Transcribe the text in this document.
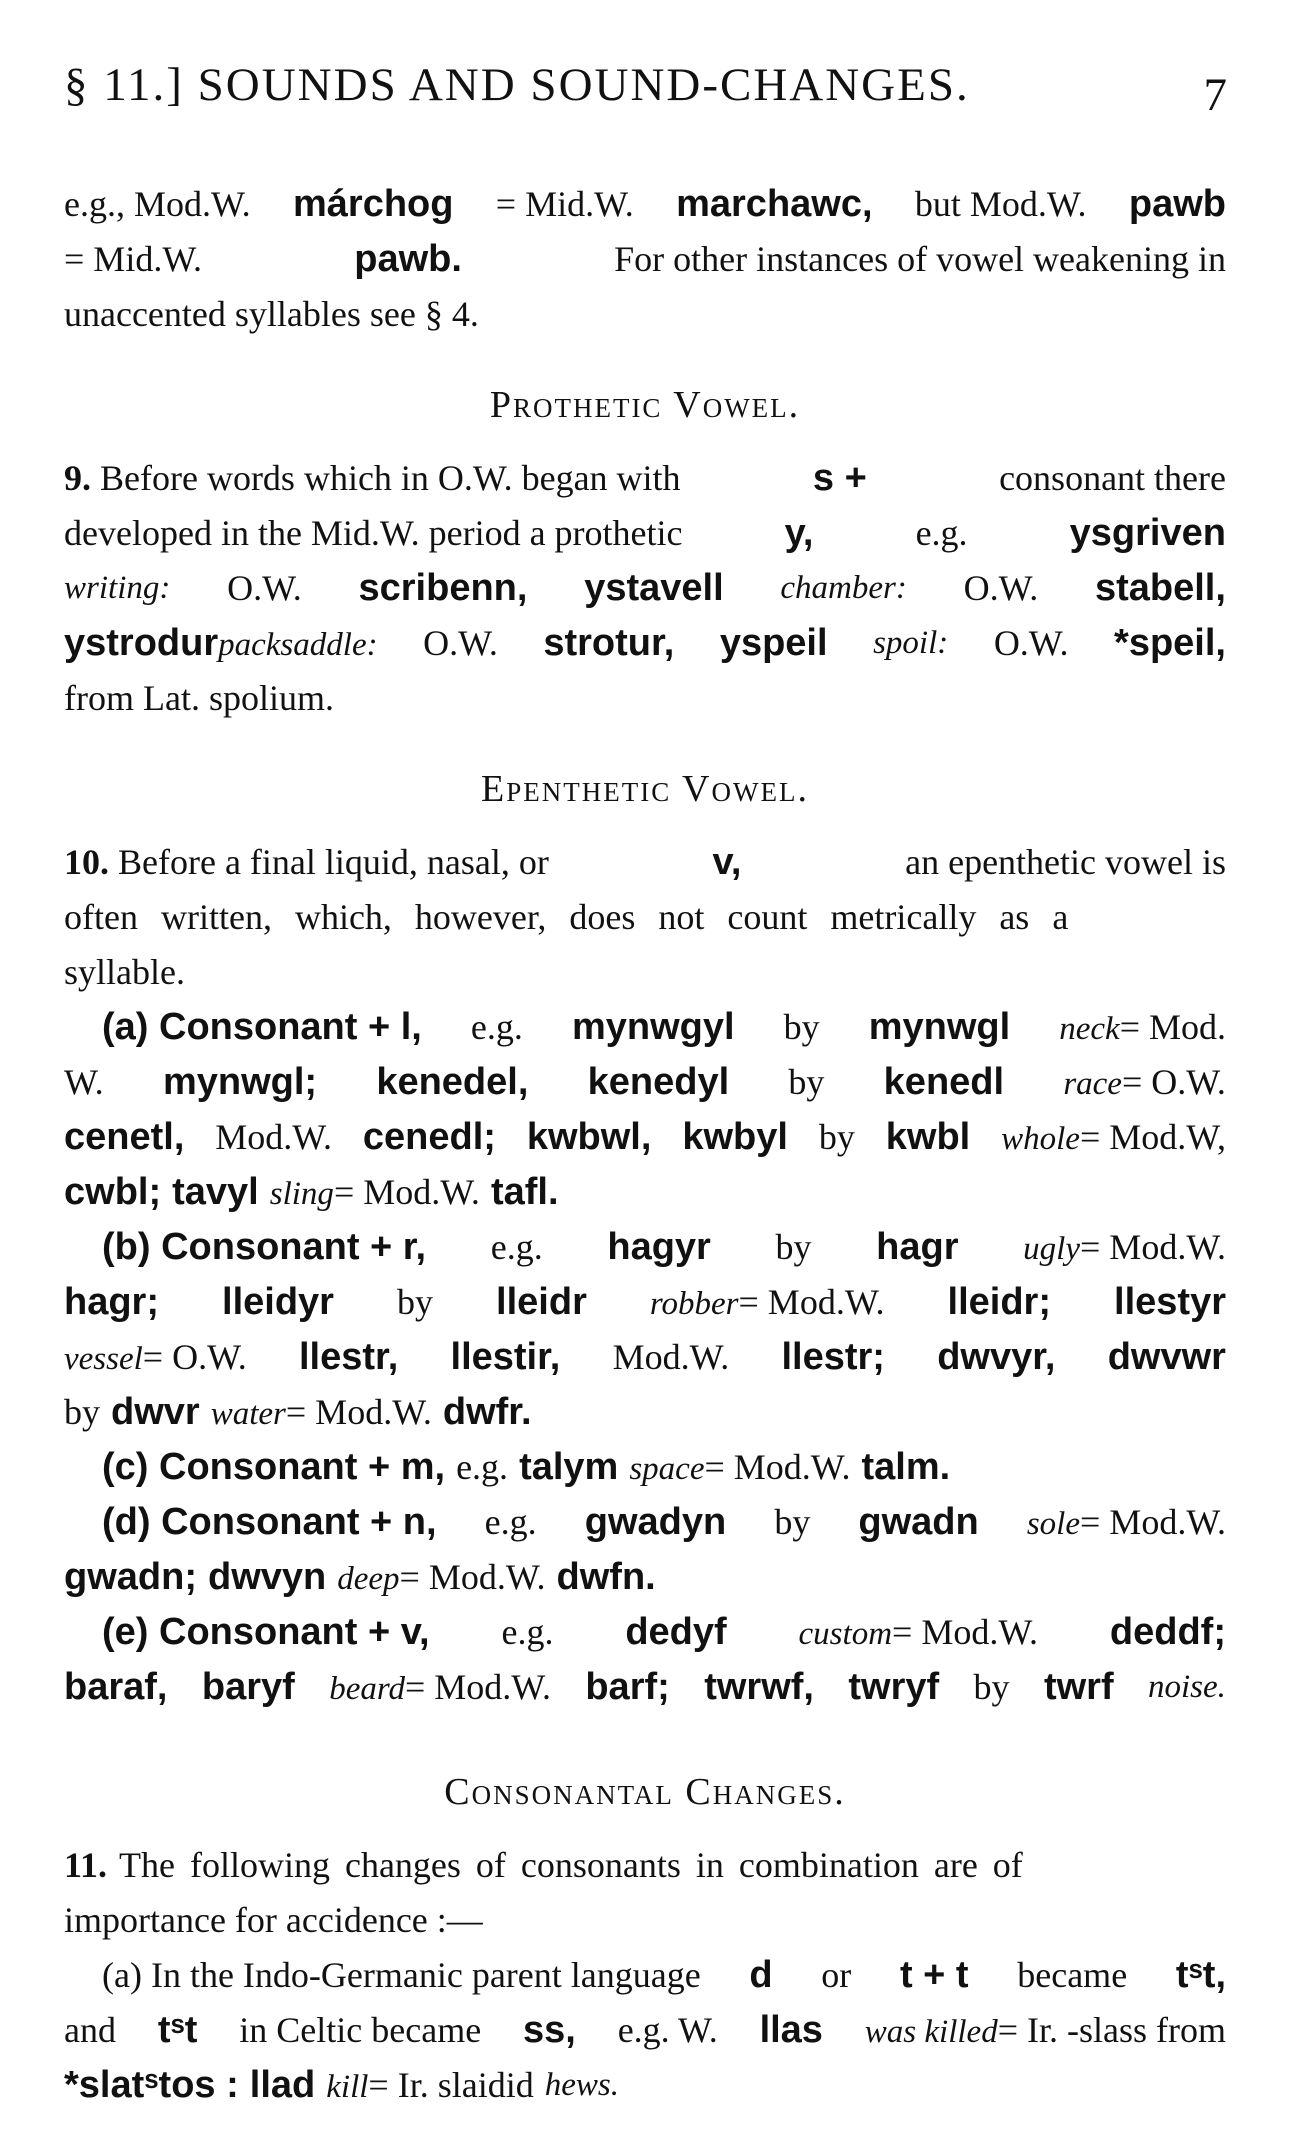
§ 11.] SOUNDS AND SOUND-CHANGES.	7
e.g., Mod.W. márchog = Mid.W. marchawc, but Mod.W. pawb
= Mid.W.	pawb.	For other instances of vowel weakening in
unaccented syllables see § 4.
Prothetic Vowel.
9. Before words which in O.W. began with	s +	consonant there
developed in the Mid.W. period a prothetic	y,	e.g.	ysgriven
writing: O.W. scribenn, ystavell chamber: O.W. stabell,
ystrodurpacksaddle: O.W. strotur, yspeil spoil: O.W. *speil,
from Lat. spolium.
Epenthetic Vowel.
10. Before a final liquid, nasal, or	v,	an epenthetic vowel is
often written, which, however, does not count metrically as a
syllable.
(a) Consonant + l, e.g. mynwgyl by mynwgl neck= Mod.
W. mynwgl; kenedel, kenedyl by kenedl race= O.W.
cenetl, Mod.W. cenedl; kwbwl, kwbyl by kwbl whole= Mod.W,
cwbl; tavyl sling= Mod.W. tafl.
(b) Consonant + r, e.g. hagyr by hagr ugly= Mod.W.
hagr; lleidyr by lleidr robber= Mod.W. lleidr; llestyr
vessel= O.W. llestr, llestir, Mod.W. llestr; dwvyr, dwvwr
by dwvr water= Mod.W. dwfr.
(c) Consonant + m, e.g. talym space= Mod.W. talm.
(d) Consonant + n, e.g. gwadyn by gwadn sole= Mod.W.
gwadn; dwvyn deep= Mod.W. dwfn.
(e) Consonant + v, e.g. dedyf custom= Mod.W. deddf;
baraf, baryf beard= Mod.W. barf; twrwf, twryf by twrf noise.
Consonantal Changes.
11. The following changes of consonants in combination are of
importance for accidence :—
(a) In the Indo-Germanic parent language d or t + t became tˢt,
and tˢt in Celtic became ss, e.g. W. llas was killed= Ir. -slass from
*slatˢtos : llad kill= Ir. slaidid hews.
